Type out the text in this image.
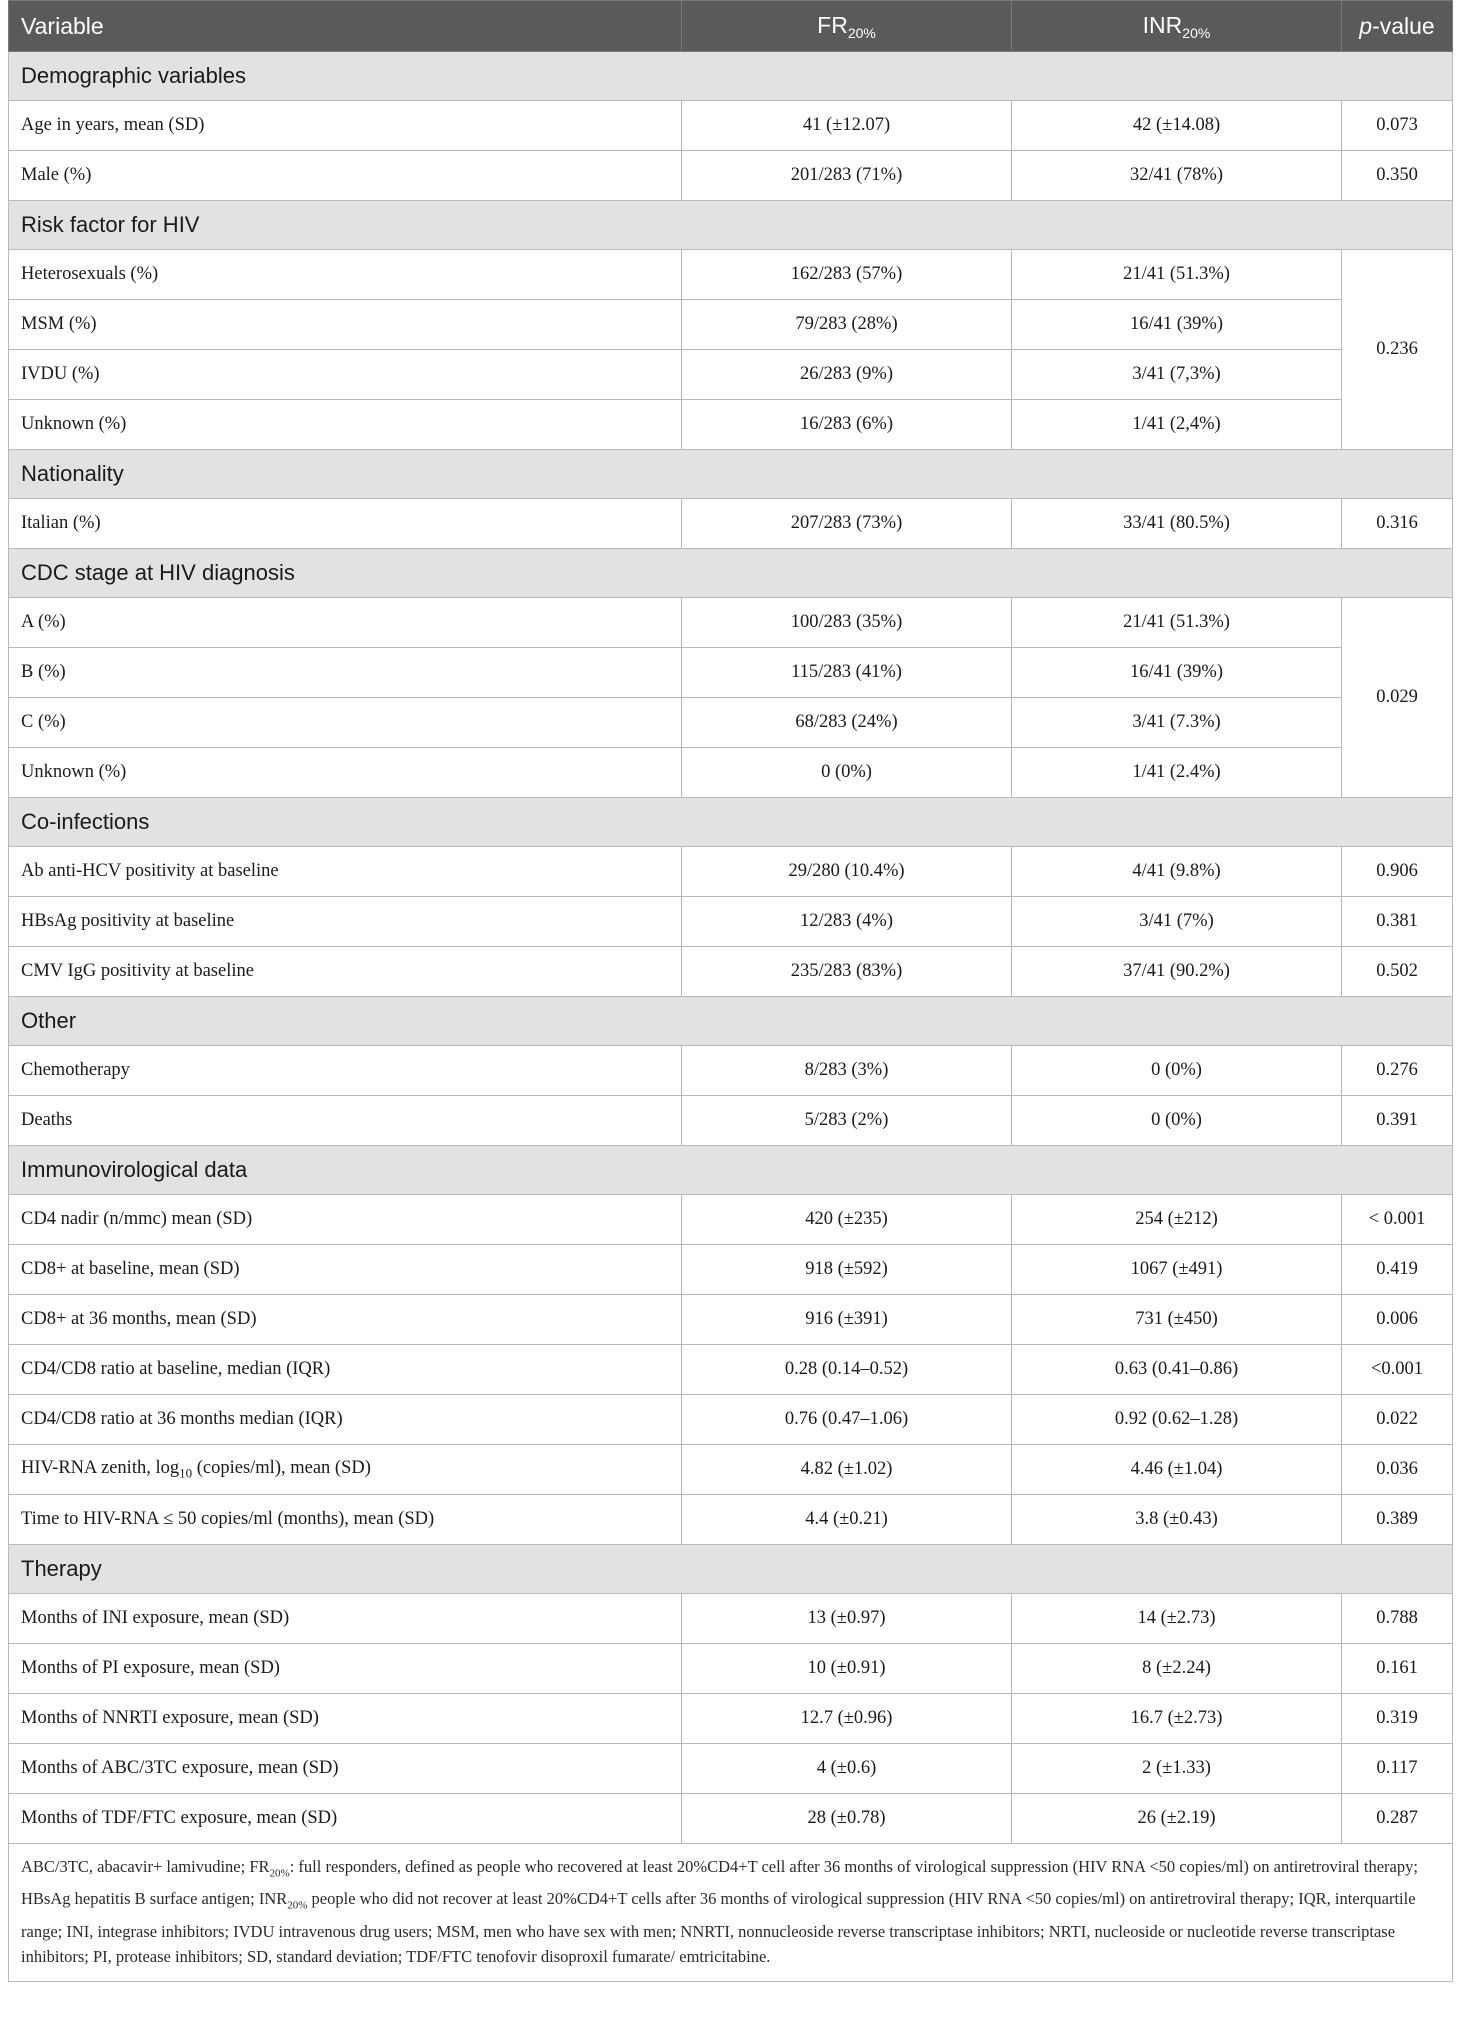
Variable	$FR_{20\%}$	$INR_{20\%}$	p-value
Demographic variables			
Age in years, mean (SD)	41 (±12.07)	42 (±14.08)	0.073
Male (%)	201/283 (71%)	32/41 (78%)	0.350
Risk factor for HIV			
Heterosexuals (%)	162/283 (57%)	21/41 (51.3%)	0.236
MSM (%)	79/283 (28%)	16/41 (39%)	
IVDU (%)	26/283 (9%)	3/41 (7,3%)	
Unknown (%)	16/283 (6%)	1/41 (2,4%)	
Nationality			
Italian (%)	207/283 (73%)	33/41 (80.5%)	0.316
CDC stage at HIV diagnosis			
A (%)	100/283 (35%)	21/41 (51.3%)	0.029
B (%)	115/283 (41%)	16/41 (39%)	
C (%)	68/283 (24%)	3/41 (7.3%)	
Unknown (%)	0 (0%)	1/41 (2.4%)	
Co-infections			
Ab anti-HCV positivity at baseline	29/280 (10.4%)	4/41 (9.8%)	0.906
HBsAg positivity at baseline	12/283 (4%)	3/41 (7%)	0.381
CMV IgG positivity at baseline	235/283 (83%)	37/41 (90.2%)	0.502
Other			
Chemotherapy	8/283 (3%)	0 (0%)	0.276
Deaths	5/283 (2%)	0 (0%)	0.391
Immunovirological data			
CD4 nadir (n/mmc) mean (SD)	420 (±235)	254 (±212)	< 0.001
CD8+ at baseline, mean (SD)	918 (±592)	1067 (±491)	0.419
CD8+ at 36 months, mean (SD)	916 (±391)	731 (±450)	0.006
CD4/CD8 ratio at baseline, median (IQR)	0.28 (0.14–0.52)	0.63 (0.41–0.86)	<0.001
CD4/CD8 ratio at 36 months median (IQR)	0.76 (0.47–1.06)	0.92 (0.62–1.28)	0.022
HIV-RNA zenith, $\log_{10}$ (copies/ml), mean (SD)	4.82 (±1.02)	4.46 (±1.04)	0.036
Time to HIV-RNA ≤ 50 copies/ml (months), mean (SD)	4.4 (±0.21)	3.8 (±0.43)	0.389
Therapy			
Months of INI exposure, mean (SD)	13 (±0.97)	14 (±2.73)	0.788
Months of PI exposure, mean (SD)	10 (±0.91)	8 (±2.24)	0.161
Months of NNRTI exposure, mean (SD)	12.7 (±0.96)	16.7 (±2.73)	0.319
Months of ABC/3TC exposure, mean (SD)	4 (±0.6)	2 (±1.33)	0.117
Months of TDF/FTC exposure, mean (SD)	28 (±0.78)	26 (±2.19)	0.287
ABC/3TC, abacavir+ lamivudine; $FR_{20\%}$: full responders, defined as people who recovered at least 20%CD4+T cell after 36 months of virological suppression (HIV RNA <50 copies/ml) on antiretroviral therapy; HBsAg hepatitis B surface antigen; $INR_{20\%}$ people who did not recover at least 20%CD4+T cells after 36 months of virological suppression (HIV RNA <50 copies/ml) on antiretroviral therapy; IQR, interquartile range; INI, integrase inhibitors; IVDU intravenous drug users; MSM, men who have sex with men; NNRTI, nonnucleoside reverse transcriptase inhibitors; NRTI, nucleoside or nucleotide reverse transcriptase inhibitors; PI, protease inhibitors; SD, standard deviation; TDF/FTC tenofovir disoproxil fumarate/ emtricitabine.			
